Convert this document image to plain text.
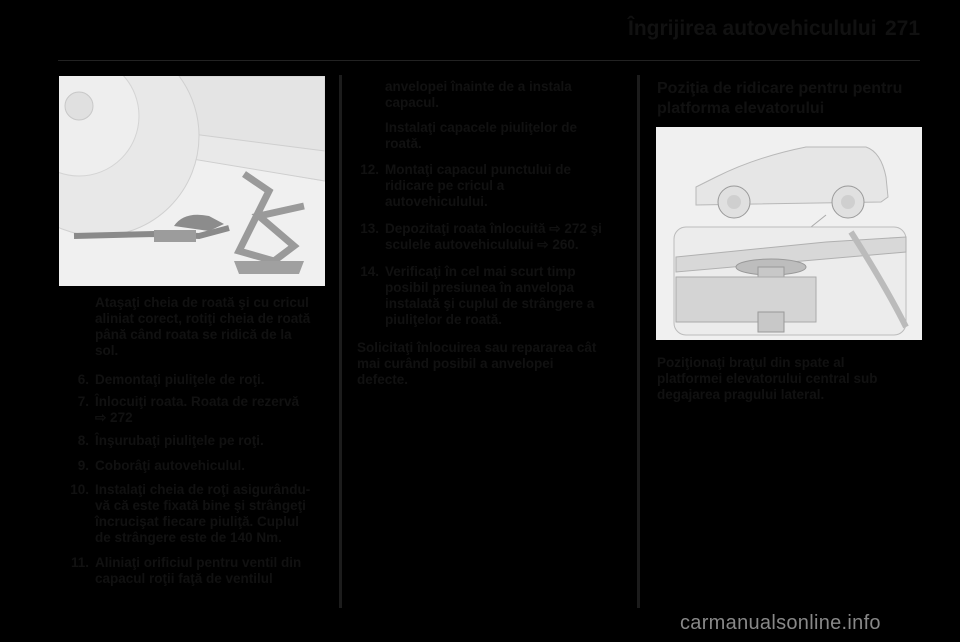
Îngrijirea autovehiculului 271
Ataşaţi cheia de roată şi cu cricul
aliniat corect, rotiţi cheia de roată
până când roata se ridică de la
sol.
6. Demontaţi piuliţele de roţi.
7. Înlocuiţi roata. Roata de rezervă
⇨ 272
8. Înşurubaţi piuliţele pe roţi.
9. Coborâţi autovehiculul.
10. Instalaţi cheia de roţi asigurându-
vă că este fixată bine şi strângeţi
încrucişat fiecare piuliţă. Cuplul
de strângere este de 140 Nm.
11. Aliniaţi orificiul pentru ventil din
capacul roţii faţă de ventilul
anvelopei înainte de a instala
capacul.
Instalaţi capacele piuliţelor de
roată.
12. Montaţi capacul punctului de
ridicare pe cricul a
autovehiculului.
13. Depozitaţi roata înlocuită ⇨ 272 şi
sculele autovehiculului ⇨ 260.
14. Verificaţi în cel mai scurt timp
posibil presiunea în anvelopa
instalată şi cuplul de strângere a
piuliţelor de roată.
Solicitaţi înlocuirea sau repararea cât
mai curând posibil a anvelopei
defecte.
Poziţia de ridicare pentru pentru
platforma elevatorului
Poziţionaţi braţul din spate al
platformei elevatorului central sub
degajarea pragului lateral.
carmanualsonline.info
